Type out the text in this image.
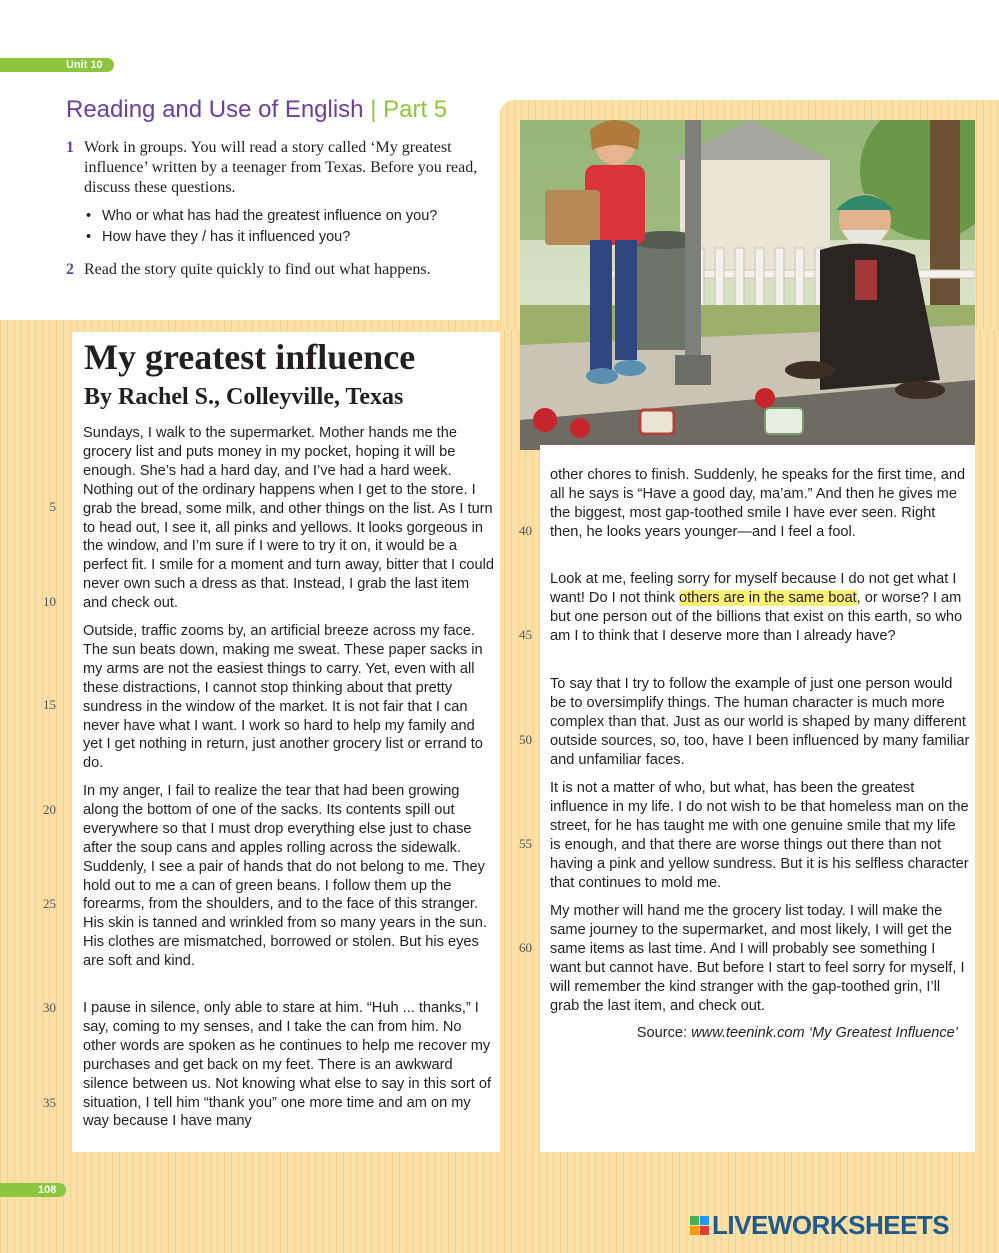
Unit 10
Reading and Use of English | Part 5
1 Work in groups. You will read a story called ‘My greatest influence’ written by a teenager from Texas. Before you read, discuss these questions.
• Who or what has had the greatest influence on you?
• How have they / has it influenced you?
2 Read the story quite quickly to find out what happens.
My greatest influence
By Rachel S., Colleyville, Texas

Sundays, I walk to the supermarket. Mother hands me the grocery list and puts money in my pocket, hoping it will be enough. She’s had a hard day, and I’ve had a hard week. Nothing out of the ordinary happens when I get to the store. I grab the bread, some milk, and other things on the list. As I turn to head out, I see it, all pinks and yellows. It looks gorgeous in the window, and I’m sure if I were to try it on, it would be a perfect fit. I smile for a moment and turn away, bitter that I could never own such a dress as that. Instead, I grab the last item and check out.

Outside, traffic zooms by, an artificial breeze across my face. The sun beats down, making me sweat. These paper sacks in my arms are not the easiest things to carry. Yet, even with all these distractions, I cannot stop thinking about that pretty sundress in the window of the market. It is not fair that I can never have what I want. I work so hard to help my family and yet I get nothing in return, just another grocery list or errand to do.

In my anger, I fail to realize the tear that had been growing along the bottom of one of the sacks. Its contents spill out everywhere so that I must drop everything else just to chase after the soup cans and apples rolling across the sidewalk. Suddenly, I see a pair of hands that do not belong to me. They hold out to me a can of green beans. I follow them up the forearms, from the shoulders, and to the face of this stranger. His skin is tanned and wrinkled from so many years in the sun. His clothes are mismatched, borrowed or stolen. But his eyes are soft and kind.

I pause in silence, only able to stare at him. “Huh ... thanks,” I say, coming to my senses, and I take the can from him. No other words are spoken as he continues to help me recover my purchases and get back on my feet. There is an awkward silence between us. Not knowing what else to say in this sort of situation, I tell him “thank you” one more time and am on my way because I have many

other chores to finish. Suddenly, he speaks for the first time, and all he says is “Have a good day, ma’am.” And then he gives me the biggest, most gap-toothed smile I have ever seen. Right then, he looks years younger—and I feel a fool.

Look at me, feeling sorry for myself because I do not get what I want! Do I not think others are in the same boat, or worse? I am but one person out of the billions that exist on this earth, so who am I to think that I deserve more than I already have?

To say that I try to follow the example of just one person would be to oversimplify things. The human character is much more complex than that. Just as our world is shaped by many different outside sources, so, too, have I been influenced by many familiar and unfamiliar faces.

It is not a matter of who, but what, has been the greatest influence in my life. I do not wish to be that homeless man on the street, for he has taught me with one genuine smile that my life is enough, and that there are worse things out there than not having a pink and yellow sundress. But it is his selfless character that continues to mold me.

My mother will hand me the grocery list today. I will make the same journey to the supermarket, and most likely, I will get the same items as last time. And I will probably see something I want but cannot have. But before I start to feel sorry for myself, I will remember the kind stranger with the gap-toothed grin, I’ll grab the last item, and check out.

Source: www.teenink.com ‘My Greatest Influence’
5
10
15
20
25
30
35
40
45
50
55
60
108
LIVEWORKSHEETS
